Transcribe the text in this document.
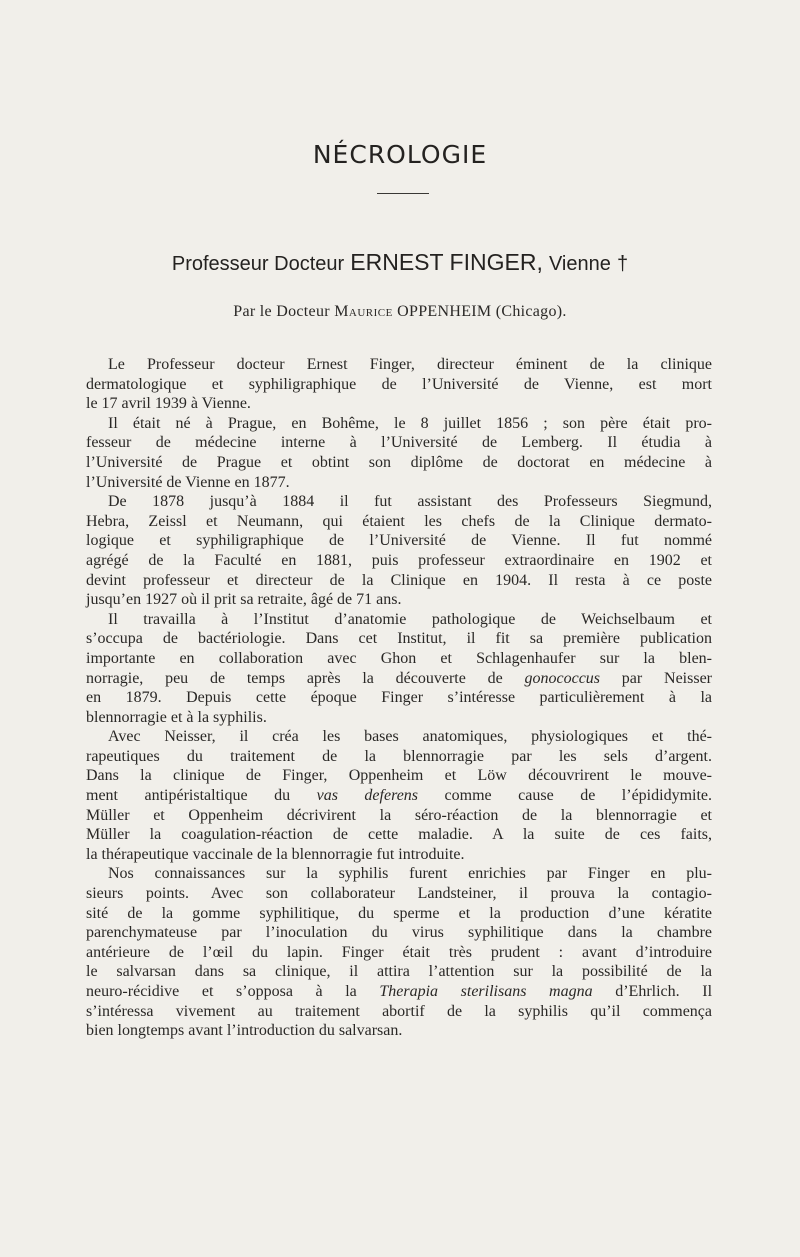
NÉCROLOGIE
Professeur Docteur ERNEST FINGER, Vienne †
Par le Docteur Maurice OPPENHEIM (Chicago).

Le Professeur docteur Ernest Finger, directeur éminent de la clinique
dermatologique et syphiligraphique de l’Université de Vienne, est mort
le 17 avril 1939 à Vienne.

Il était né à Prague, en Bohême, le 8 juillet 1856 ; son père était pro-
fesseur de médecine interne à l’Université de Lemberg. Il étudia à
l’Université de Prague et obtint son diplôme de doctorat en médecine à
l’Université de Vienne en 1877.

De 1878 jusqu’à 1884 il fut assistant des Professeurs Siegmund,
Hebra, Zeissl et Neumann, qui étaient les chefs de la Clinique dermato-
logique et syphiligraphique de l’Université de Vienne. Il fut nommé
agrégé de la Faculté en 1881, puis professeur extraordinaire en 1902 et
devint professeur et directeur de la Clinique en 1904. Il resta à ce poste
jusqu’en 1927 où il prit sa retraite, âgé de 71 ans.

Il travailla à l’Institut d’anatomie pathologique de Weichselbaum et
s’occupa de bactériologie. Dans cet Institut, il fit sa première publication
importante en collaboration avec Ghon et Schlagenhaufer sur la blen-
norragie, peu de temps après la découverte de gonococcus par Neisser
en 1879. Depuis cette époque Finger s’intéresse particulièrement à la
blennorragie et à la syphilis.

Avec Neisser, il créa les bases anatomiques, physiologiques et thé-
rapeutiques du traitement de la blennorragie par les sels d’argent.
Dans la clinique de Finger, Oppenheim et Löw découvrirent le mouve-
ment antipéristaltique du vas deferens comme cause de l’épididymite.
Müller et Oppenheim décrivirent la séro-réaction de la blennorragie et
Müller la coagulation-réaction de cette maladie. A la suite de ces faits,
la thérapeutique vaccinale de la blennorragie fut introduite.

Nos connaissances sur la syphilis furent enrichies par Finger en plu-
sieurs points. Avec son collaborateur Landsteiner, il prouva la contagio-
sité de la gomme syphilitique, du sperme et la production d’une kératite
parenchymateuse par l’inoculation du virus syphilitique dans la chambre
antérieure de l’œil du lapin. Finger était très prudent : avant d’introduire
le salvarsan dans sa clinique, il attira l’attention sur la possibilité de la
neuro-récidive et s’opposa à la Therapia sterilisans magna d’Ehrlich. Il
s’intéressa vivement au traitement abortif de la syphilis qu’il commença
bien longtemps avant l’introduction du salvarsan.
